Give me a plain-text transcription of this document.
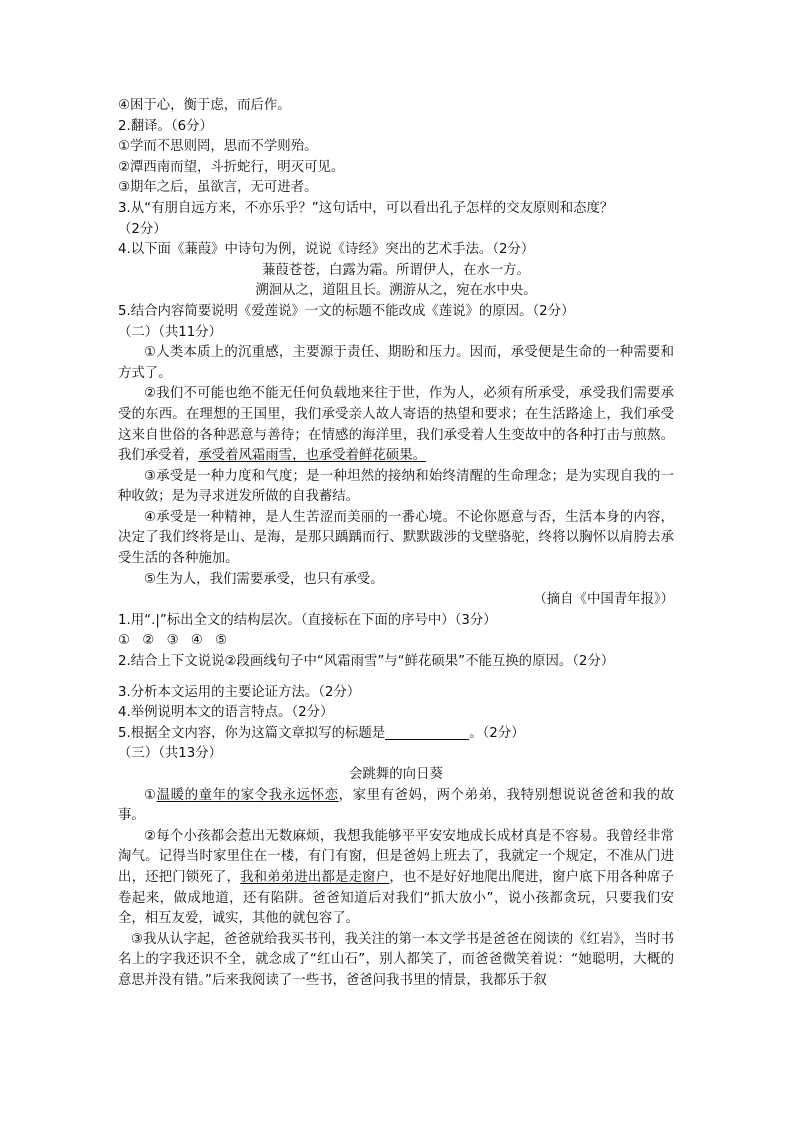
④困于心，衡于虑，而后作。
2.翻译。（6分）
①学而不思则罔，思而不学则殆。
②潭西南而望，斗折蛇行，明灭可见。
③期年之后，虽欲言，无可进者。
3.从“有朋自远方来，不亦乐乎？”这句话中，可以看出孔子怎样的交友原则和态度？
（2分）
4.以下面《蒹葭》中诗句为例，说说《诗经》突出的艺术手法。（2分）
蒹葭苍苍，白露为霜。所谓伊人，在水一方。
溯洄从之，道阻且长。溯游从之，宛在水中央。
5.结合内容简要说明《爱莲说》一文的标题不能改成《莲说》的原因。（2分）
（二）（共11分）
①人类本质上的沉重感，主要源于责任、期盼和压力。因而，承受便是生命的一种需要和方式了。
②我们不可能也绝不能无任何负载地来往于世，作为人，必须有所承受，承受我们需要承受的东西。在理想的王国里，我们承受亲人故人寄语的热望和要求；在生活路途上，我们承受这来自世俗的各种恶意与善待；在情感的海洋里，我们承受着人生变故中的各种打击与煎熬。我们承受着，承受着风霜雨雪，也承受着鲜花硕果。
③承受是一种力度和气度；是一种坦然的接纳和始终清醒的生命理念；是为实现自我的一种收敛；是为寻求迸发所做的自我蓄结。
④承受是一种精神，是人生苦涩而美丽的一番心境。不论你愿意与否，生活本身的内容，决定了我们终将是山、是海，是那只踽踽而行、默默跋涉的戈壁骆驼，终将以胸怀以肩胯去承受生活的各种施加。
⑤生为人，我们需要承受，也只有承受。
（摘自《中国青年报》）
1.用“.|”标出全文的结构层次。（直接标在下面的序号中）（3分）
① ② ③ ④ ⑤
2.结合上下文说说②段画线句子中“风霜雨雪”与“鲜花硕果”不能互换的原因。（2分）
3.分析本文运用的主要论证方法。（2分）
4.举例说明本文的语言特点。（2分）
5.根据全文内容，你为这篇文章拟写的标题是	。（2分）
（三）（共13分）
会跳舞的向日葵
①温暖的童年的家令我永远怀恋，家里有爸妈，两个弟弟，我特别想说说爸爸和我的故事。
②每个小孩都会惹出无数麻烦，我想我能够平平安安地成长成材真是不容易。我曾经非常淘气。记得当时家里住在一楼，有门有窗，但是爸妈上班去了，我就定一个规定，不准从门进出，还把门锁死了，我和弟弟进出都是走窗户，也不是好好地爬出爬进，窗户底下用各种席子卷起来，做成地道，还有陷阱。爸爸知道后对我们“抓大放小”，说小孩都贪玩，只要我们安全，相互友爱，诚实，其他的就包容了。
③我从认字起，爸爸就给我买书刊，我关注的第一本文学书是爸爸在阅读的《红岩》，当时书名上的字我还识不全，就念成了“红山石”，别人都笑了，而爸爸微笑着说：“她聪明，大概的意思并没有错。”后来我阅读了一些书，爸爸问我书里的情景，我都乐于叙
